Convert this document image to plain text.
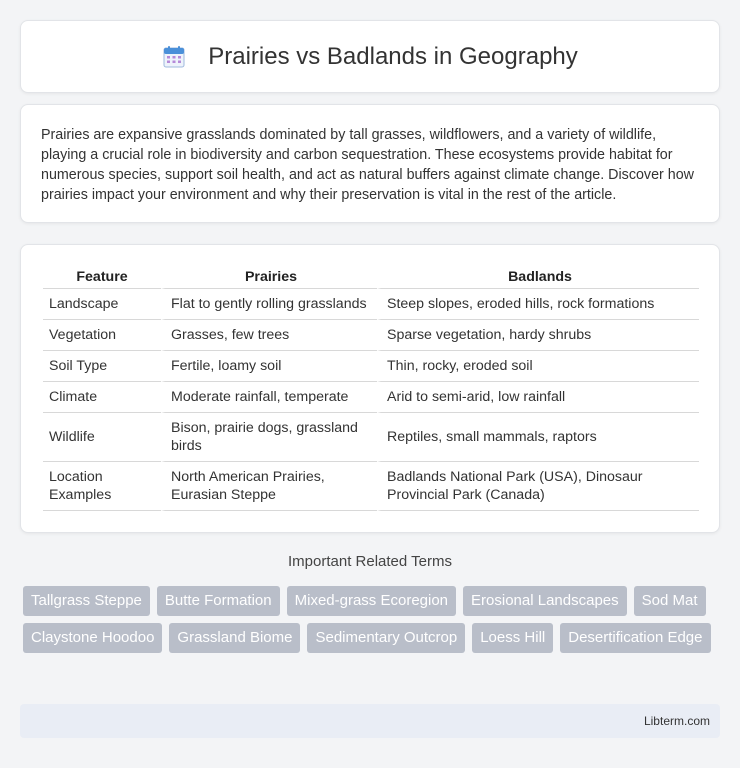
Prairies vs Badlands in Geography

Prairies are expansive grasslands dominated by tall grasses, wildflowers, and a variety of wildlife, playing a crucial role in biodiversity and carbon sequestration. These ecosystems provide habitat for numerous species, support soil health, and act as natural buffers against climate change. Discover how prairies impact your environment and why their preservation is vital in the rest of the article.

Feature	Prairies	Badlands
Landscape	Flat to gently rolling grasslands	Steep slopes, eroded hills, rock formations
Vegetation	Grasses, few trees	Sparse vegetation, hardy shrubs
Soil Type	Fertile, loamy soil	Thin, rocky, eroded soil
Climate	Moderate rainfall, temperate	Arid to semi-arid, low rainfall
Wildlife	Bison, prairie dogs, grassland birds	Reptiles, small mammals, raptors
Location Examples	North American Prairies, Eurasian Steppe	Badlands National Park (USA), Dinosaur Provincial Park (Canada)
Important Related Terms
Tallgrass Steppe	Butte Formation	Mixed-grass Ecoregion	Erosional Landscapes	Sod Mat
Claystone Hoodoo	Grassland Biome	Sedimentary Outcrop	Loess Hill	Desertification Edge
Libterm.com
